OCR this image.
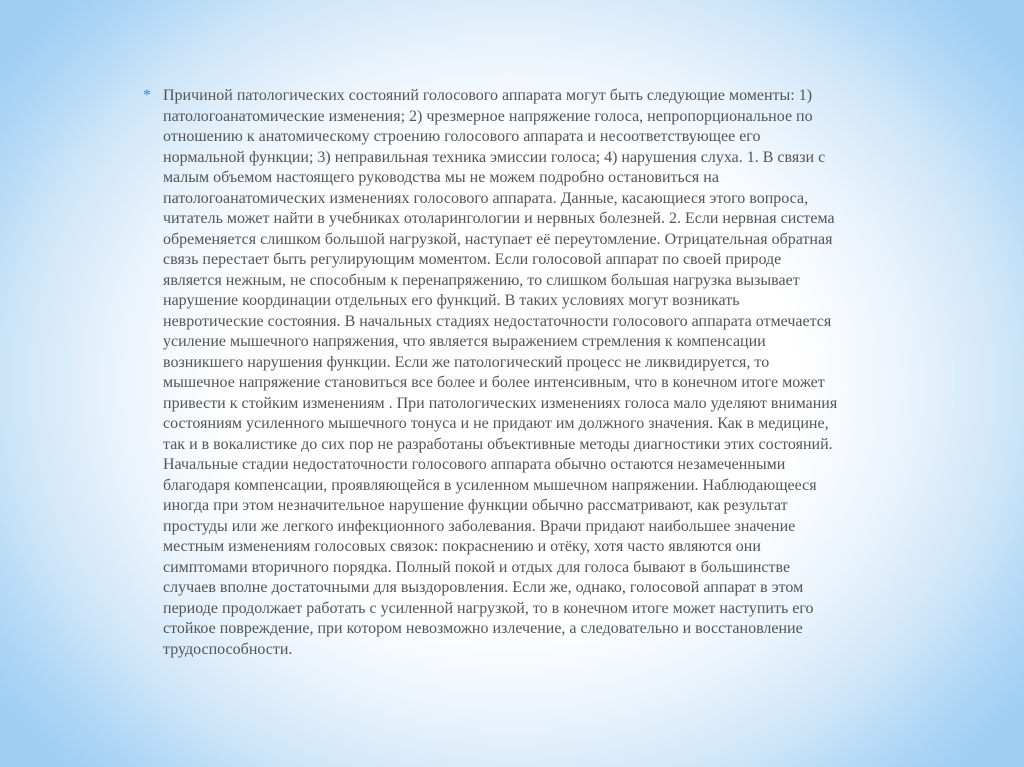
* Причиной патологических состояний голосового аппарата могут быть следующие моменты: 1) патологоанатомические изменения; 2) чрезмерное напряжение голоса, непропорциональное по отношению к анатомическому строению голосового аппарата и несоответствующее его нормальной функции; 3) неправильная техника эмиссии голоса; 4) нарушения слуха. 1. В связи с малым объемом настоящего руководства мы не можем подробно остановиться на патологоанатомических изменениях голосового аппарата. Данные, касающиеся этого вопроса, читатель может найти в учебниках отоларингологии и нервных болезней. 2. Если нервная система обременяется слишком большой нагрузкой, наступает её переутомлениe. Отрицательная обратная связь перестает быть регулирующим моментом. Если голосовой аппарат по своей природе является нежным, не способным к перенапряжению, то слишком большая нагрузка вызывает нарушение координации отдельных его функций. В таких условиях могут возникать невротические состояния. В начальных стадиях недостаточности голосового аппарата отмечается усиление мышечного напряжения, что является выражением стремления к компенсации возникшего нарушения функции. Если же патологический процесс не ликвидируется, то мышечное напряжение становиться все более и более интенсивным, что в конечном итоге может привести к стойким изменениям . При патологических изменениях голоса мало уделяют внимания состояниям усиленного мышечного тонуса и не придают им должного значения. Как в медицине, так и в вокалистике до сих пор не разработаны объективные методы диагностики этих состояний. Начальные стадии недостаточности голосового аппарата обычно остаются незамеченными благодаря компенсации, проявляющейся в усиленном мышечном напряжении. Наблюдающееся иногда при этом незначительное нарушение функции обычно рассматривают, как результат простуды или же легкого инфекционного заболевания. Врачи придают наибольшее значение местным изменениям голосовых связок: покраснению и отёку, хотя часто являются они симптомами вторичного порядка. Полный покой и отдых для голоса бывают в большинстве случаев вполне достаточными для выздоровления. Если же, однако, голосовой аппарат в этом периоде продолжает работать с усиленной нагрузкой, то в конечном итоге может наступить его стойкое повреждение, при котором невозможно излечение, а следовательно и восстановление трудоспособности.
